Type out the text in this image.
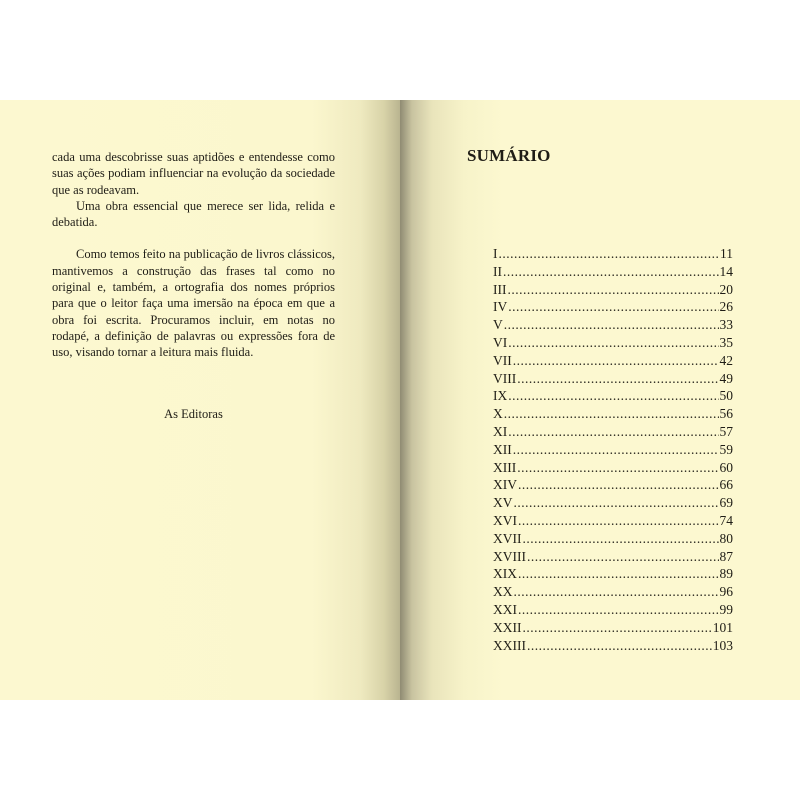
cada uma descobrisse suas aptidões e entendesse como suas ações podiam influenciar na evolução da sociedade que as rodeavam.

Uma obra essencial que merece ser lida, relida e debatida.

Como temos feito na publicação de livros clássicos, mantivemos a construção das frases tal como no original e, também, a ortografia dos nomes próprios para que o leitor faça uma imersão na época em que a obra foi escrita. Procuramos incluir, em notas no rodapé, a definição de palavras ou expressões fora de uso, visando tornar a leitura mais fluida.

As Editoras
SUMÁRIO
I .....	11
II .....	14
III .....	20
IV .....	26
V .....	33
VI .....	35
VII .....	42
VIII .....	49
IX .....	50
X .....	56
XI .....	57
XII .....	59
XIII .....	60
XIV .....	66
XV .....	69
XVI .....	74
XVII .....	80
XVIII .....	87
XIX .....	89
XX .....	96
XXI .....	99
XXII .....	101
XXIII .....	103
